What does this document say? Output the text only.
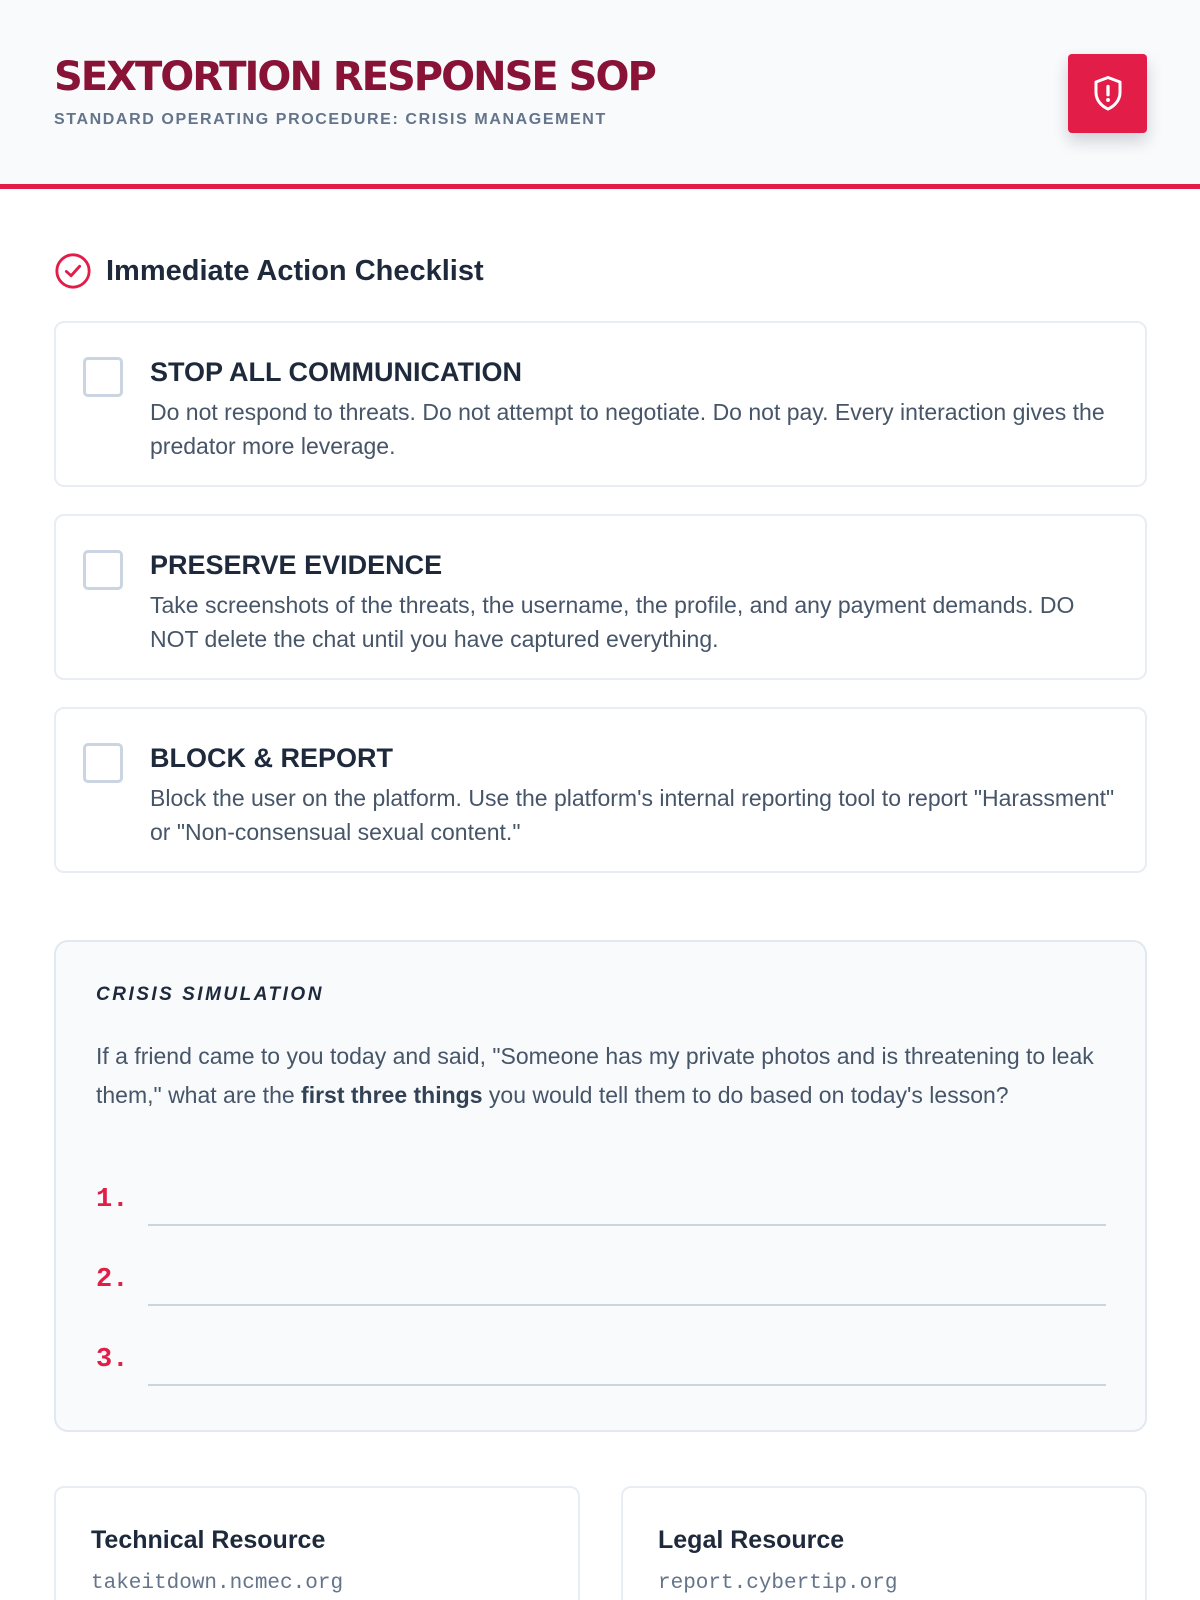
SEXTORTION RESPONSE SOP
STANDARD OPERATING PROCEDURE: CRISIS MANAGEMENT
Immediate Action Checklist
STOP ALL COMMUNICATION
Do not respond to threats. Do not attempt to negotiate. Do not pay. Every interaction gives the predator more leverage.
PRESERVE EVIDENCE
Take screenshots of the threats, the username, the profile, and any payment demands. DO NOT delete the chat until you have captured everything.
BLOCK & REPORT
Block the user on the platform. Use the platform's internal reporting tool to report "Harassment" or "Non-consensual sexual content."
CRISIS SIMULATION
If a friend came to you today and said, "Someone has my private photos and is threatening to leak them," what are the first three things you would tell them to do based on today's lesson?
1.
2.
3.
Technical Resource
takeitdown.ncmec.org
Legal Resource
report.cybertip.org
